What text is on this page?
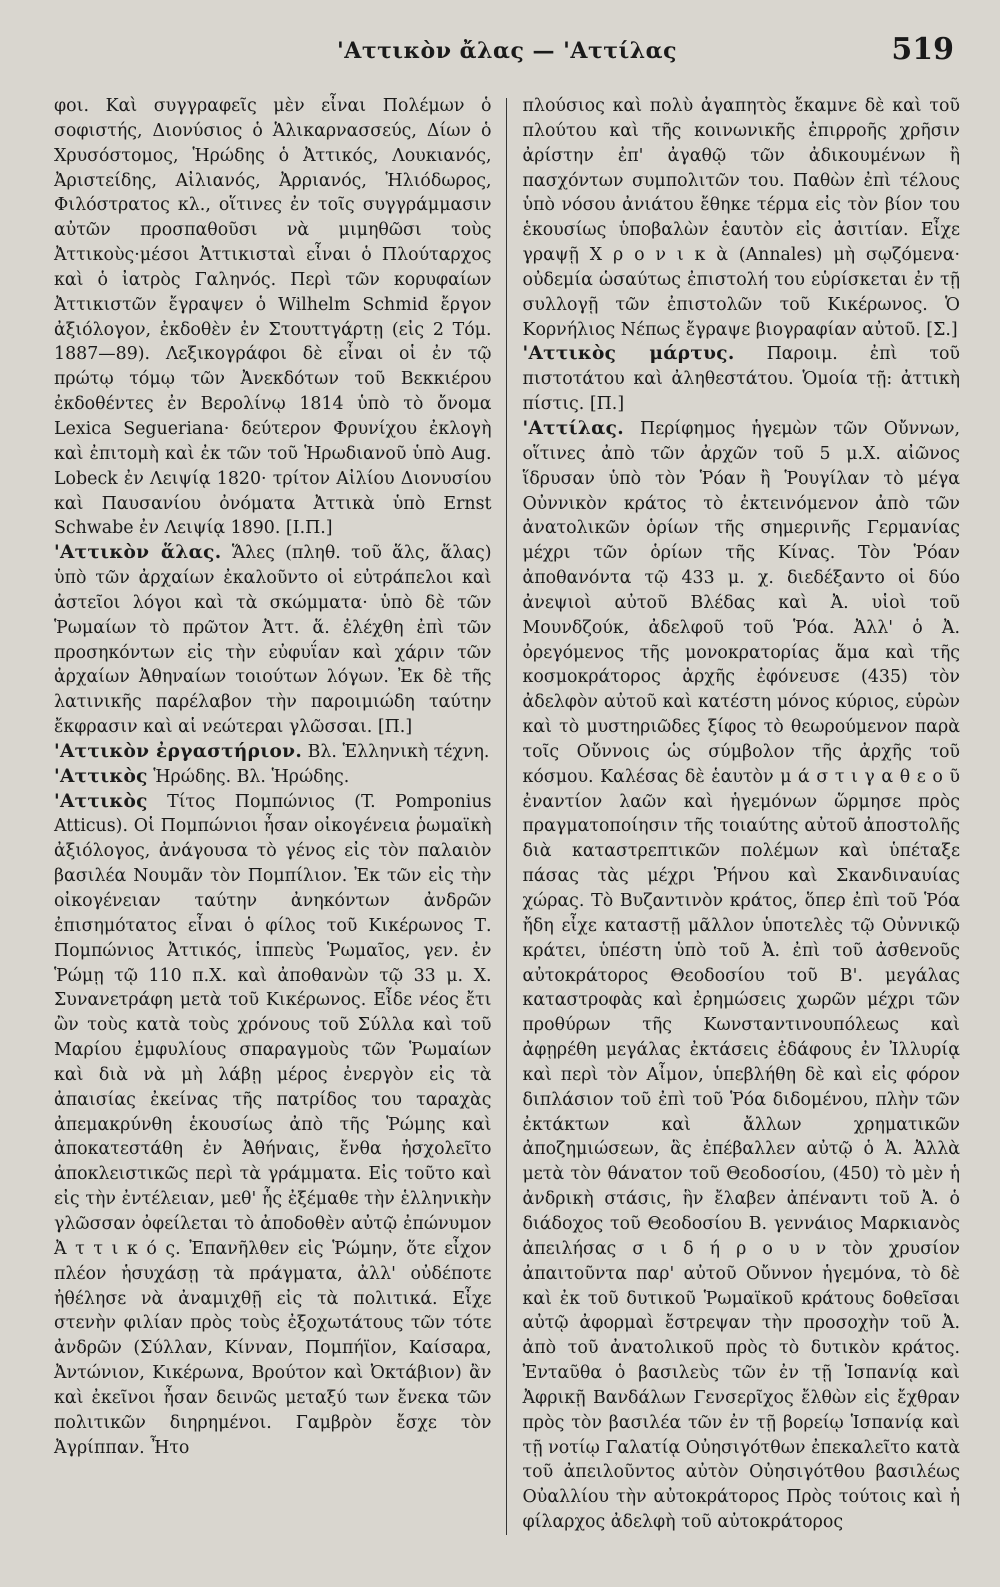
'Αττικὸν ἄλας — 'Αττίλας	519

φοι. Καὶ συγγραφεῖς μὲν εἶναι Πολέμων ὁ σοφιστής, Διονύσιος ὁ Ἁλικαρνασσεύς, Δίων ὁ Χρυσόστομος, Ἡρώδης ὁ Ἀττικός, Λουκιανός, Ἀριστείδης, Αἰλιανός, Ἀρριανός, Ἡλιόδωρος, Φιλόστρατος κλ., οἵτινες ἐν τοῖς συγγράμμασιν αὐτῶν προσπαθοῦσι νὰ μιμηθῶσι τοὺς Ἀττικοὺς·μέσοι Ἀττικισταὶ εἶναι ὁ Πλούταρχος καὶ ὁ ἰατρὸς Γαληνός. Περὶ τῶν κορυφαίων Ἀττικιστῶν ἔγραψεν ὁ Wilhelm Schmid ἔργον ἀξιόλογον, ἐκδοθὲν ἐν Στουττγάρτῃ (εἰς 2 Τόμ. 1887—89). Λεξικογράφοι δὲ εἶναι οἱ ἐν τῷ πρώτῳ τόμῳ τῶν Ἀνεκδότων τοῦ Βεκκιέρου ἐκδοθέντες ἐν Βερολίνῳ 1814 ὑπὸ τὸ ὄνομα Lexica Segueriana· δεύτερον Φρυνίχου ἐκλογὴ καὶ ἐπιτομὴ καὶ ἐκ τῶν τοῦ Ἡρωδιανοῦ ὑπὸ Aug. Lobeck ἐν Λειψίᾳ 1820· τρίτον Αἰλίου Διονυσίου καὶ Παυσανίου ὀνόματα Ἀττικὰ ὑπὸ Ernst Schwabe ἐν Λειψίᾳ 1890. [Ι.Π.]

'Αττικὸν ἅλας. Ἅλες (πληθ. τοῦ ἅλς, ἅλας) ὑπὸ τῶν ἀρχαίων ἐκαλοῦντο οἱ εὐτράπελοι καὶ ἀστεῖοι λόγοι καὶ τὰ σκώμματα· ὑπὸ δὲ τῶν Ῥωμαίων τὸ πρῶτον Ἀττ. ἅ. ἐλέχθη ἐπὶ τῶν προσηκόντων εἰς τὴν εὐφυΐαν καὶ χάριν τῶν ἀρχαίων Ἀθηναίων τοιούτων λόγων. Ἐκ δὲ τῆς λατινικῆς παρέλαβον τὴν παροιμιώδη ταύτην ἔκφρασιν καὶ αἱ νεώτεραι γλῶσσαι. [Π.]

'Αττικὸν ἐργαστήριον. Βλ. Ἑλληνικὴ τέχνη.

'Αττικὸς Ἡρώδης. Βλ. Ἡρώδης.

'Αττικὸς Τίτος Πομπώνιος (T. Pomponius Atticus). Οἱ Πομπώνιοι ἦσαν οἰκογένεια ῥωμαϊκὴ ἀξιόλογος, ἀνάγουσα τὸ γένος εἰς τὸν παλαιὸν βασιλέα Νουμᾶν τὸν Πομπίλιον. Ἐκ τῶν εἰς τὴν οἰκογένειαν ταύτην ἀνηκόντων ἀνδρῶν ἐπισημότατος εἶναι ὁ φίλος τοῦ Κικέρωνος Τ. Πομπώνιος Ἀττικός, ἱππεὺς Ῥωμαῖος, γεν. ἐν Ῥώμῃ τῷ 110 π.Χ. καὶ ἀποθανὼν τῷ 33 μ. Χ. Συνανετράφη μετὰ τοῦ Κικέρωνος. Εἶδε νέος ἔτι ὢν τοὺς κατὰ τοὺς χρόνους τοῦ Σύλλα καὶ τοῦ Μαρίου ἐμφυλίους σπαραγμοὺς τῶν Ῥωμαίων καὶ διὰ νὰ μὴ λάβῃ μέρος ἐνεργὸν εἰς τὰ ἀπαισίας ἐκείνας τῆς πατρίδος του ταραχὰς ἀπεμακρύνθη ἑκουσίως ἀπὸ τῆς Ῥώμης καὶ ἀποκατεστάθη ἐν Ἀθήναις, ἔνθα ἠσχολεῖτο ἀποκλειστικῶς περὶ τὰ γράμματα. Εἰς τοῦτο καὶ εἰς τὴν ἐντέλειαν, μεθ' ἧς ἐξέμαθε τὴν ἑλληνικὴν γλῶσσαν ὀφείλεται τὸ ἀποδοθὲν αὐτῷ ἐπώνυμον Ἀ τ τ ι κ ό ς. Ἐπανῆλθεν εἰς Ῥώμην, ὅτε εἶχον πλέον ἡσυχάσῃ τὰ πράγματα, ἀλλ' οὐδέποτε ἠθέλησε νὰ ἀναμιχθῇ εἰς τὰ πολιτικά. Εἶχε στενὴν φιλίαν πρὸς τοὺς ἐξοχωτάτους τῶν τότε ἀνδρῶν (Σύλλαν, Κίνναν, Πομπήϊον, Καίσαρα, Ἀντώνιον, Κικέρωνα, Βρούτον καὶ Ὀκτάβιον) ἂν καὶ ἐκεῖνοι ἦσαν δεινῶς μεταξύ των ἔνεκα τῶν πολιτικῶν διηρημένοι. Γαμβρὸν ἔσχε τὸν Ἀγρίππαν. Ἦτο

πλούσιος καὶ πολὺ ἀγαπητὸς ἔκαμνε δὲ καὶ τοῦ πλούτου καὶ τῆς κοινωνικῆς ἐπιρροῆς χρῆσιν ἀρίστην ἐπ' ἀγαθῷ τῶν ἀδικουμένων ἢ πασχόντων συμπολιτῶν του. Παθὼν ἐπὶ τέλους ὑπὸ νόσου ἀνιάτου ἔθηκε τέρμα εἰς τὸν βίον του ἑκουσίως ὑποβαλὼν ἑαυτὸν εἰς ἀσιτίαν. Εἶχε γραψῇ Χ ρ ο ν ι κ ὰ (Annales) μὴ σῳζόμενα· οὐδεμία ὡσαύτως ἐπιστολή του εὑρίσκεται ἐν τῇ συλλογῇ τῶν ἐπιστολῶν τοῦ Κικέρωνος. Ὁ Κορνήλιος Νέπως ἔγραψε βιογραφίαν αὐτοῦ. [Σ.]

'Αττικὸς μάρτυς. Παροιμ. ἐπὶ τοῦ πιστοτάτου καὶ ἀληθεστάτου. Ὁμοία τῇ: ἀττικὴ πίστις. [Π.]

'Αττίλας. Περίφημος ἡγεμὼν τῶν Οὔννων, οἵτινες ἀπὸ τῶν ἀρχῶν τοῦ 5 μ.Χ. αἰῶνος ἵδρυσαν ὑπὸ τὸν Ῥόαν ἢ Ῥουγίλαν τὸ μέγα Οὐννικὸν κράτος τὸ ἐκτεινόμενον ἀπὸ τῶν ἀνατολικῶν ὁρίων τῆς σημερινῆς Γερμανίας μέχρι τῶν ὁρίων τῆς Κίνας. Τὸν Ῥόαν ἀποθανόντα τῷ 433 μ. χ. διεδέξαντο οἱ δύο ἀνεψιοὶ αὐτοῦ Βλέδας καὶ Ἀ. υἱοὶ τοῦ Μουνδζούκ, ἀδελφοῦ τοῦ Ῥόα. Ἀλλ' ὁ Ἀ. ὀρεγόμενος τῆς μονοκρατορίας ἅμα καὶ τῆς κοσμοκράτορος ἀρχῆς ἐφόνευσε (435) τὸν ἀδελφὸν αὐτοῦ καὶ κατέστη μόνος κύριος, εὑρὼν καὶ τὸ μυστηριῶδες ξίφος τὸ θεωρούμενον παρὰ τοῖς Οὔννοις ὡς σύμβολον τῆς ἀρχῆς τοῦ κόσμου. Καλέσας δὲ ἑαυτὸν μ ά σ τ ι γ α θ ε ο ῦ ἐναντίον λαῶν καὶ ἡγεμόνων ὥρμησε πρὸς πραγματοποίησιν τῆς τοιαύτης αὐτοῦ ἀποστολῆς διὰ καταστρεπτικῶν πολέμων καὶ ὑπέταξε πάσας τὰς μέχρι Ῥήνου καὶ Σκανδιναυίας χώρας. Τὸ Βυζαντινὸν κράτος, ὅπερ ἐπὶ τοῦ Ῥόα ἤδη εἶχε καταστῇ μᾶλλον ὑποτελὲς τῷ Οὐννικῷ κράτει, ὑπέστη ὑπὸ τοῦ Ἀ. ἐπὶ τοῦ ἀσθενοῦς αὐτοκράτορος Θεοδοσίου τοῦ Β'. μεγάλας καταστροφὰς καὶ ἐρημώσεις χωρῶν μέχρι τῶν προθύρων τῆς Κωνσταντινουπόλεως καὶ ἀφῃρέθη μεγάλας ἐκτάσεις ἐδάφους ἐν Ἰλλυρίᾳ καὶ περὶ τὸν Αἶμον, ὑπεβλήθη δὲ καὶ εἰς φόρον διπλάσιον τοῦ ἐπὶ τοῦ Ῥόα διδομένου, πλὴν τῶν ἐκτάκτων καὶ ἄλλων χρηματικῶν ἀποζημιώσεων, ἃς ἐπέβαλλεν αὐτῷ ὁ Ἀ. Ἀλλὰ μετὰ τὸν θάνατον τοῦ Θεοδοσίου, (450) τὸ μὲν ἡ ἀνδρικὴ στάσις, ἣν ἔλαβεν ἀπέναντι τοῦ Ἀ. ὁ διάδοχος τοῦ Θεοδοσίου Β. γεννάιος Μαρκιανὸς ἀπειλήσας σ ι δ ή ρ ο υ ν τὸν χρυσίον ἀπαιτοῦντα παρ' αὐτοῦ Οὔννον ἡγεμόνα, τὸ δὲ καὶ ἐκ τοῦ δυτικοῦ Ῥωμαϊκοῦ κράτους δοθεῖσαι αὐτῷ ἀφορμαὶ ἔστρεψαν τὴν προσοχὴν τοῦ Ἀ. ἀπὸ τοῦ ἀνατολικοῦ πρὸς τὸ δυτικὸν κράτος. Ἐνταῦθα ὁ βασιλεὺς τῶν ἐν τῇ Ἱσπανίᾳ καὶ Ἀφρικῇ Βανδάλων Γενσερῖχος ἔλθὼν εἰς ἔχθραν πρὸς τὸν βασιλέα τῶν ἐν τῇ βορείῳ Ἱσπανίᾳ καὶ τῇ νοτίῳ Γαλατίᾳ Οὐησιγότθων ἐπεκαλεῖτο κατὰ τοῦ ἀπειλοῦντος αὐτὸν Οὐησιγότθου βασιλέως Οὐαλλίου τὴν αὐτοκράτορος Πρὸς τούτοις καὶ ἡ φίλαρχος ἀδελφὴ τοῦ αὐτοκράτορος
